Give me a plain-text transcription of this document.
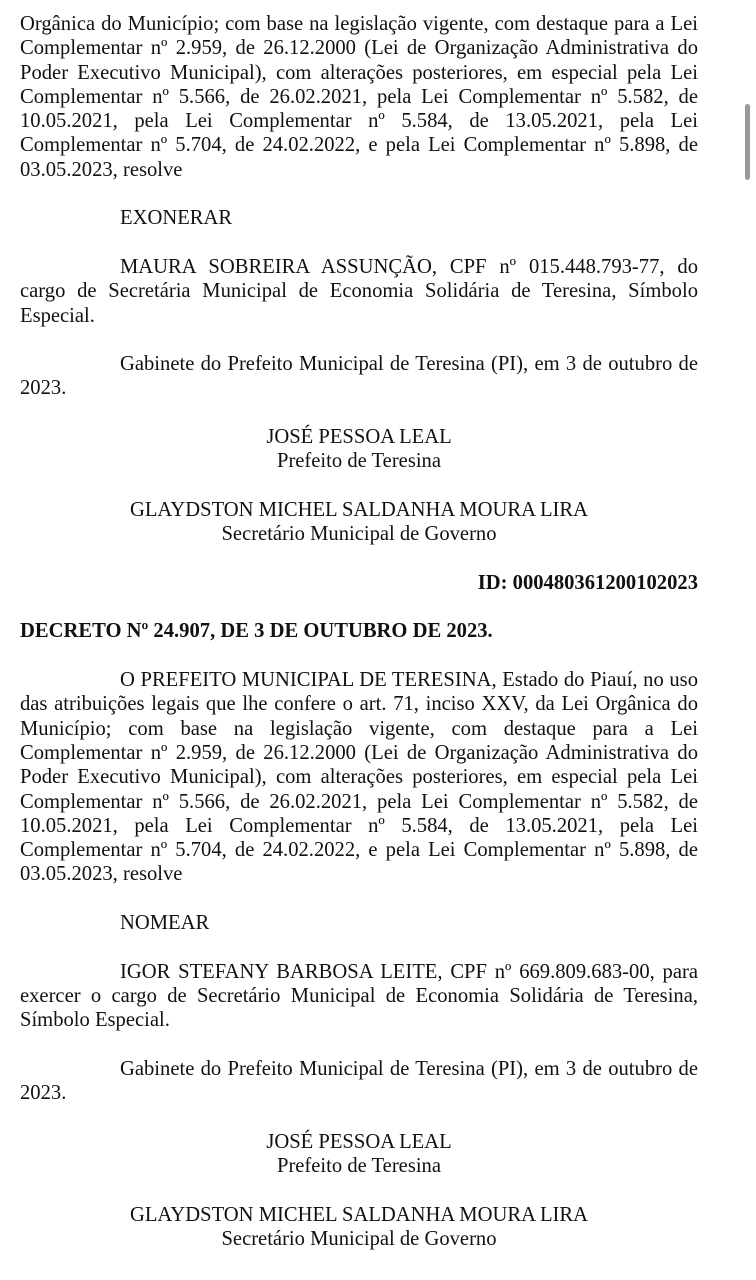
Orgânica do Município; com base na legislação vigente, com destaque para a Lei Complementar nº 2.959, de 26.12.2000 (Lei de Organização Administrativa do Poder Executivo Municipal), com alterações posteriores, em especial pela Lei Complementar nº 5.566, de 26.02.2021, pela Lei Complementar nº 5.582, de 10.05.2021, pela Lei Complementar nº 5.584, de 13.05.2021, pela Lei Complementar nº 5.704, de 24.02.2022, e pela Lei Complementar nº 5.898, de 03.05.2023, resolve

EXONERAR

MAURA SOBREIRA ASSUNÇÃO, CPF nº 015.448.793-77, do cargo de Secretária Municipal de Economia Solidária de Teresina, Símbolo Especial.

Gabinete do Prefeito Municipal de Teresina (PI), em 3 de outubro de 2023.

JOSÉ PESSOA LEAL

Prefeito de Teresina

GLAYDSTON MICHEL SALDANHA MOURA LIRA

Secretário Municipal de Governo

ID: 000480361200102023

DECRETO Nº 24.907, DE 3 DE OUTUBRO DE 2023.

O PREFEITO MUNICIPAL DE TERESINA, Estado do Piauí, no uso das atribuições legais que lhe confere o art. 71, inciso XXV, da Lei Orgânica do Município; com base na legislação vigente, com destaque para a Lei Complementar nº 2.959, de 26.12.2000 (Lei de Organização Administrativa do Poder Executivo Municipal), com alterações posteriores, em especial pela Lei Complementar nº 5.566, de 26.02.2021, pela Lei Complementar nº 5.582, de 10.05.2021, pela Lei Complementar nº 5.584, de 13.05.2021, pela Lei Complementar nº 5.704, de 24.02.2022, e pela Lei Complementar nº 5.898, de 03.05.2023, resolve

NOMEAR

IGOR STEFANY BARBOSA LEITE, CPF nº 669.809.683-00, para exercer o cargo de Secretário Municipal de Economia Solidária de Teresina, Símbolo Especial.

Gabinete do Prefeito Municipal de Teresina (PI), em 3 de outubro de 2023.

JOSÉ PESSOA LEAL

Prefeito de Teresina

GLAYDSTON MICHEL SALDANHA MOURA LIRA

Secretário Municipal de Governo
